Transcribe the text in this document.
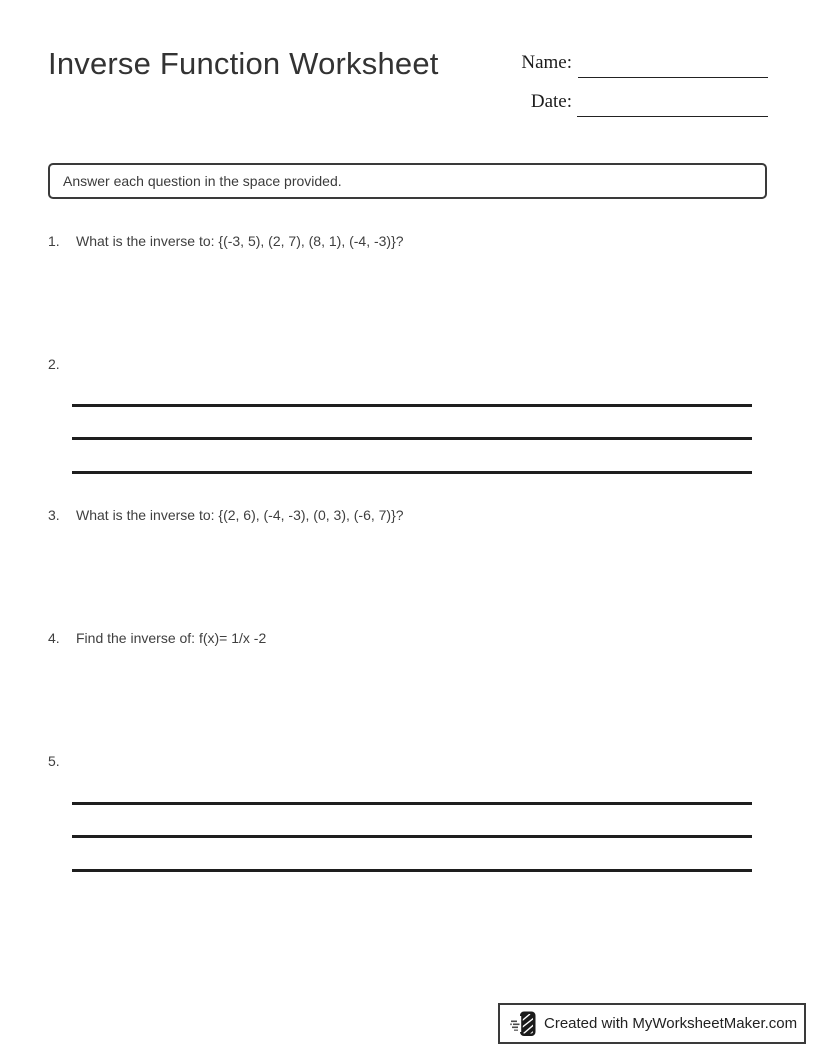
Inverse Function Worksheet	Name:
Date:
Answer each question in the space provided.
1.	What is the inverse to: {(-3, 5), (2, 7), (8, 1), (-4, -3)}?
2.
3.	What is the inverse to: {(2, 6), (-4, -3), (0, 3), (-6, 7)}?
4.	Find the inverse of: f(x)= 1/x -2
5.
Created with MyWorksheetMaker.com
